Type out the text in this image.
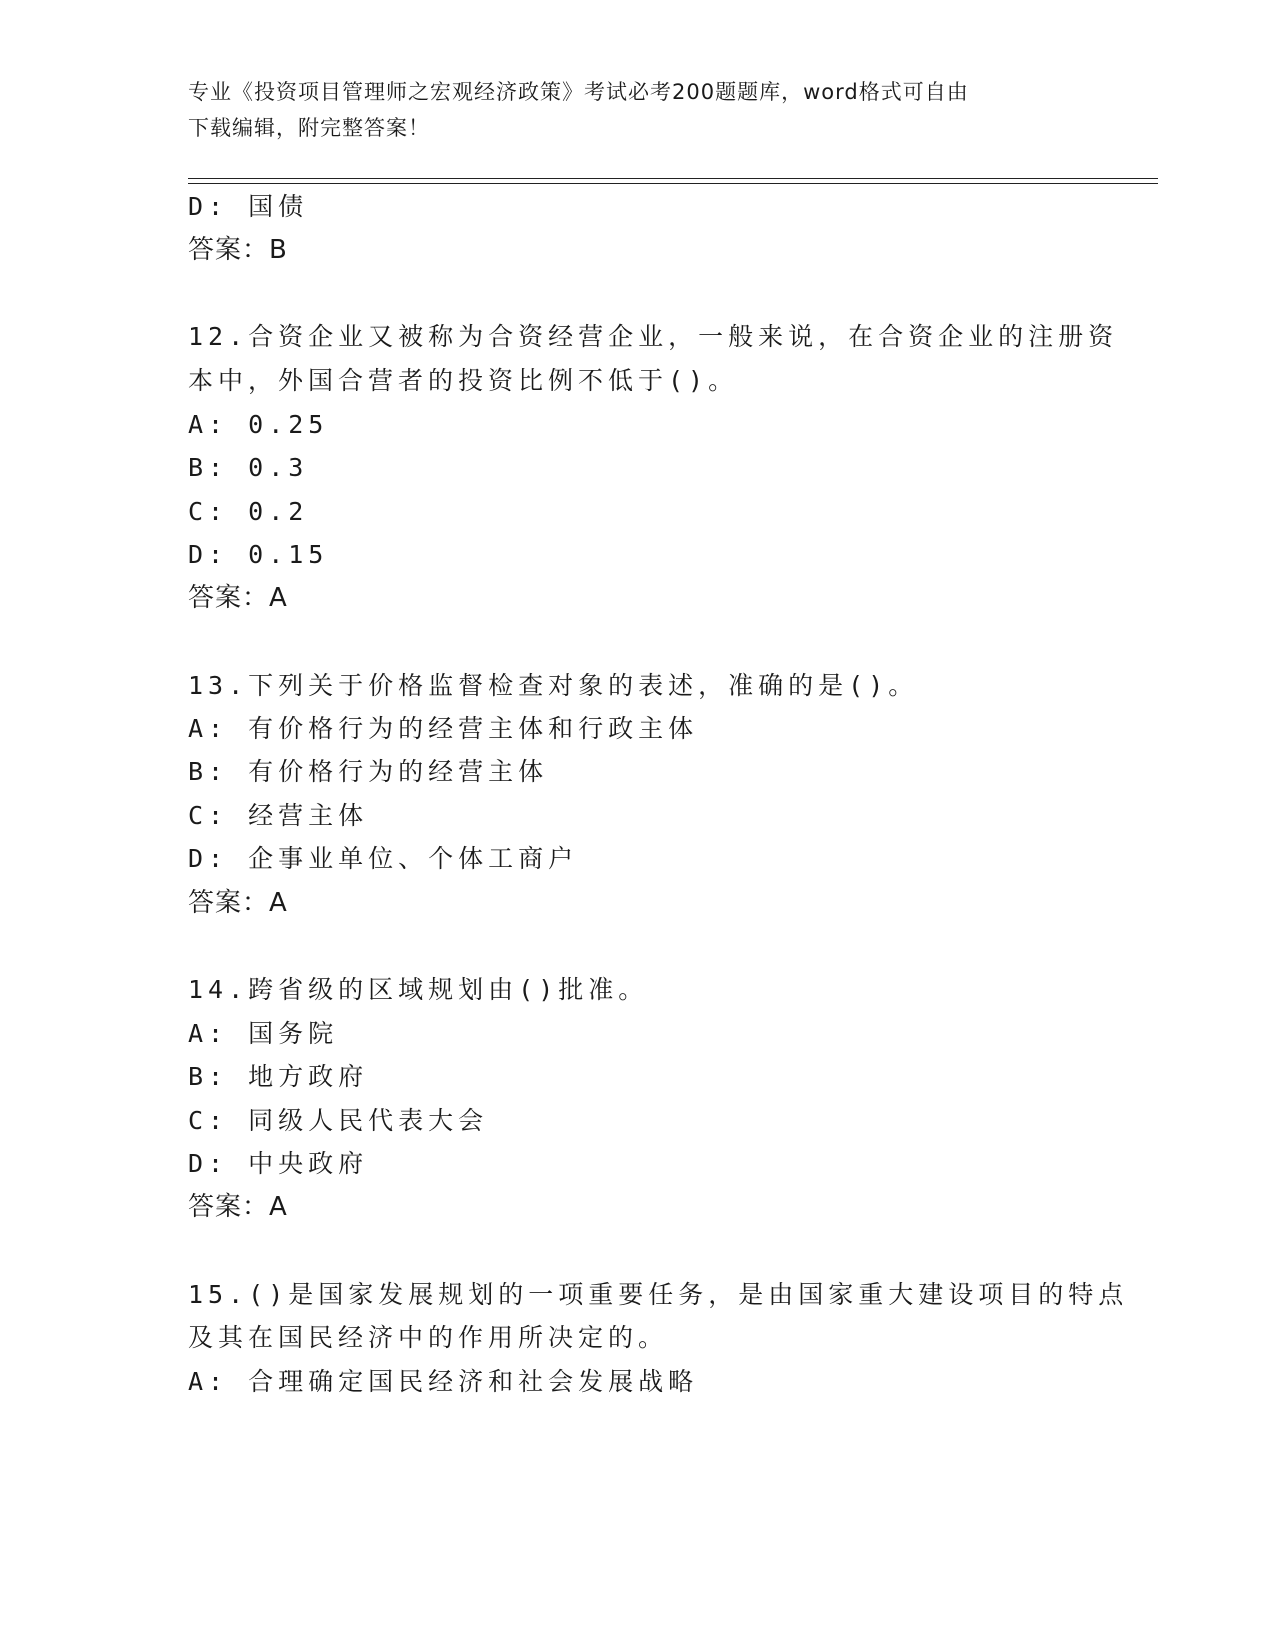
专业《投资项目管理师之宏观经济政策》考试必考200题题库，word格式可自由
下载编辑，附完整答案！
D: 国债
答案：B
12.合资企业又被称为合资经营企业，一般来说，在合资企业的注册资
本中，外国合营者的投资比例不低于()。
A: 0.25
B: 0.3
C: 0.2
D: 0.15
答案：A
13.下列关于价格监督检查对象的表述，准确的是()。
A: 有价格行为的经营主体和行政主体
B: 有价格行为的经营主体
C: 经营主体
D: 企事业单位、个体工商户
答案：A
14.跨省级的区域规划由()批准。
A: 国务院
B: 地方政府
C: 同级人民代表大会
D: 中央政府
答案：A
15.()是国家发展规划的一项重要任务，是由国家重大建设项目的特点
及其在国民经济中的作用所决定的。
A: 合理确定国民经济和社会发展战略
